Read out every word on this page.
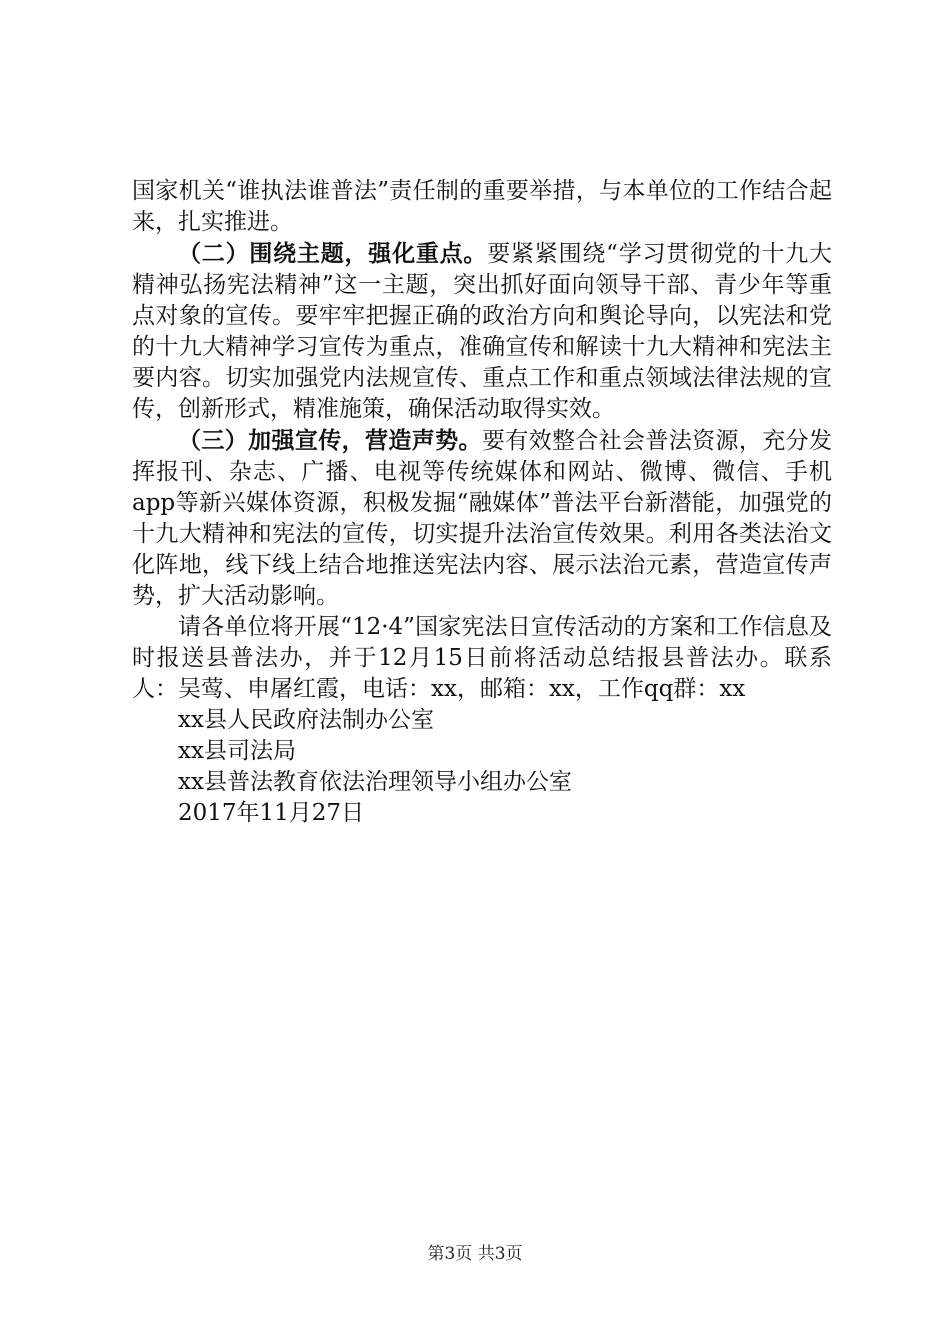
国家机关“谁执法谁普法”责任制的重要举措，与本单位的工作结合起来，扎实推进。

（二）围绕主题，强化重点。要紧紧围绕“学习贯彻党的十九大精神弘扬宪法精神”这一主题，突出抓好面向领导干部、青少年等重点对象的宣传。要牢牢把握正确的政治方向和舆论导向，以宪法和党的十九大精神学习宣传为重点，准确宣传和解读十九大精神和宪法主要内容。切实加强党内法规宣传、重点工作和重点领域法律法规的宣传，创新形式，精准施策，确保活动取得实效。

（三）加强宣传，营造声势。要有效整合社会普法资源，充分发挥报刊、杂志、广播、电视等传统媒体和网站、微博、微信、手机app等新兴媒体资源，积极发掘“融媒体”普法平台新潜能，加强党的十九大精神和宪法的宣传，切实提升法治宣传效果。利用各类法治文化阵地，线下线上结合地推送宪法内容、展示法治元素，营造宣传声势，扩大活动影响。

请各单位将开展“12·4”国家宪法日宣传活动的方案和工作信息及时报送县普法办，并于12月15日前将活动总结报县普法办。联系人：吴莺、申屠红霞，电话：xx，邮箱：xx，工作qq群：xx

xx县人民政府法制办公室

xx县司法局

xx县普法教育依法治理领导小组办公室

2017年11月27日

第3页 共3页
